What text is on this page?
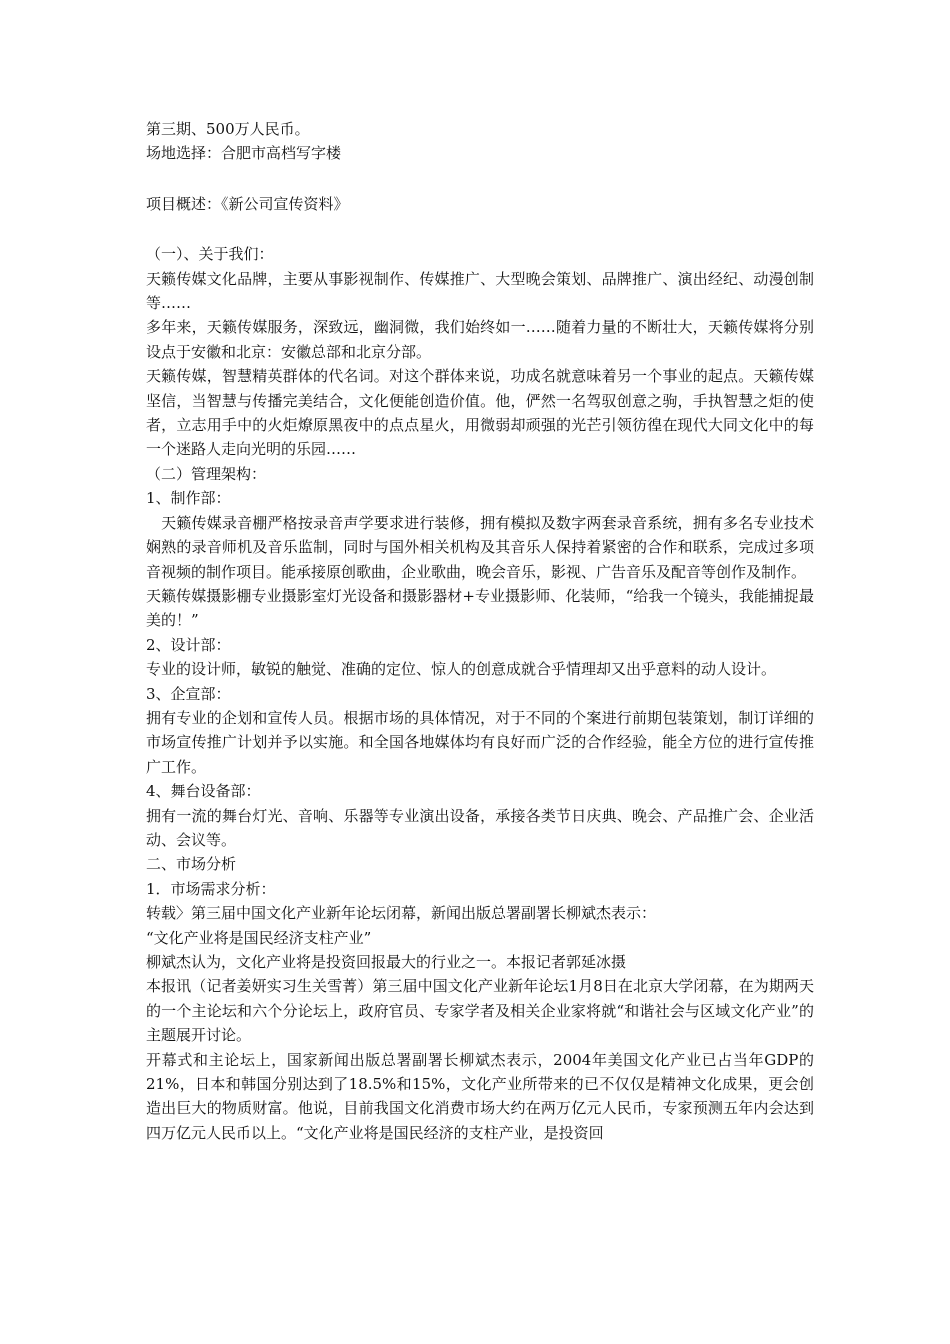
第三期、500万人民币。

场地选择：合肥市高档写字楼

项目概述：《新公司宣传资料》

（一）、关于我们：

天籁传媒文化品牌，主要从事影视制作、传媒推广、大型晚会策划、品牌推广、演出经纪、动漫创制等……

多年来，天籁传媒服务，深致远，幽洞微，我们始终如一……随着力量的不断壮大，天籁传媒将分别设点于安徽和北京：安徽总部和北京分部。

天籁传媒，智慧精英群体的代名词。对这个群体来说，功成名就意味着另一个事业的起点。天籁传媒坚信，当智慧与传播完美结合，文化便能创造价值。他，俨然一名驾驭创意之驹，手执智慧之炬的使者，立志用手中的火炬燎原黑夜中的点点星火，用微弱却顽强的光芒引领彷徨在现代大同文化中的每一个迷路人走向光明的乐园……

（二）管理架构：

1、制作部：

　天籁传媒录音棚严格按录音声学要求进行装修，拥有模拟及数字两套录音系统，拥有多名专业技术娴熟的录音师机及音乐监制，同时与国外相关机构及其音乐人保持着紧密的合作和联系，完成过多项音视频的制作项目。能承接原创歌曲，企业歌曲，晚会音乐，影视、广告音乐及配音等创作及制作。

天籁传媒摄影棚专业摄影室灯光设备和摄影器材+专业摄影师、化装师，“给我一个镜头，我能捕捉最美的！”

2、设计部：

专业的设计师，敏锐的触觉、准确的定位、惊人的创意成就合乎情理却又出乎意料的动人设计。

3、企宣部：

拥有专业的企划和宣传人员。根据市场的具体情况，对于不同的个案进行前期包装策划，制订详细的市场宣传推广计划并予以实施。和全国各地媒体均有良好而广泛的合作经验，能全方位的进行宣传推广工作。

4、舞台设备部：

拥有一流的舞台灯光、音响、乐器等专业演出设备，承接各类节日庆典、晚会、产品推广会、企业活动、会议等。

二、市场分析

1．市场需求分析：

转载〉第三届中国文化产业新年论坛闭幕，新闻出版总署副署长柳斌杰表示：

“文化产业将是国民经济支柱产业”

柳斌杰认为，文化产业将是投资回报最大的行业之一。本报记者郭延冰摄

本报讯（记者姜妍实习生关雪菁）第三届中国文化产业新年论坛1月8日在北京大学闭幕，在为期两天的一个主论坛和六个分论坛上，政府官员、专家学者及相关企业家将就“和谐社会与区域文化产业”的主题展开讨论。

开幕式和主论坛上，国家新闻出版总署副署长柳斌杰表示，2004年美国文化产业已占当年GDP的21%，日本和韩国分别达到了18.5%和15%，文化产业所带来的已不仅仅是精神文化成果，更会创造出巨大的物质财富。他说，目前我国文化消费市场大约在两万亿元人民币，专家预测五年内会达到四万亿元人民币以上。“文化产业将是国民经济的支柱产业，是投资回
